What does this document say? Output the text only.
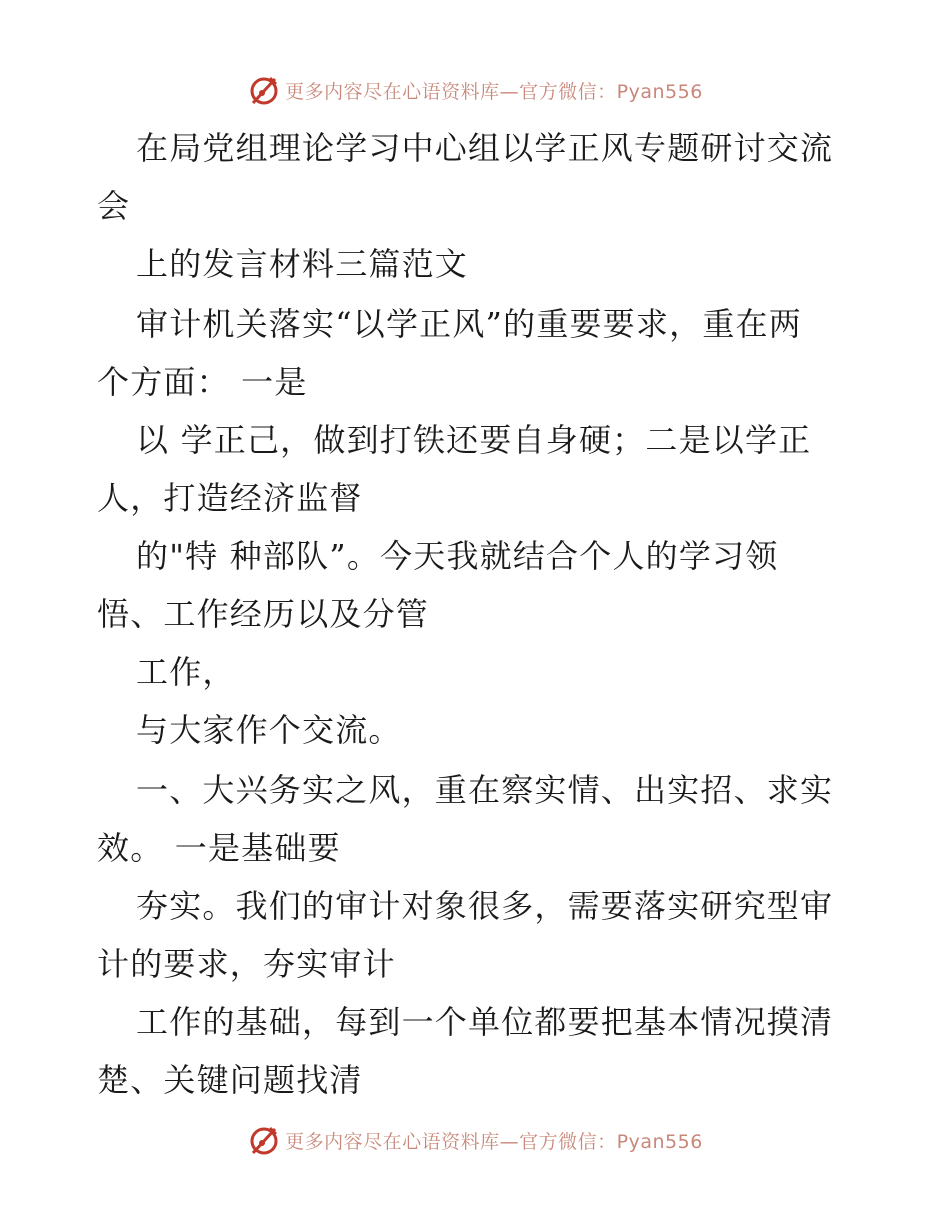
更多内容尽在心语资料库—官方微信：Pyan556
在局党组理论学习中心组以学正风专题研讨交流
会
上的发言材料三篇范文
审计机关落实“以学正风”的重要要求，重在两
个方面： 一是
以 学正己，做到打铁还要自身硬；二是以学正
人，打造经济监督
的"特 种部队”。今天我就结合个人的学习领
悟、工作经历以及分管
工作，
与大家作个交流。
一、大兴务实之风，重在察实情、出实招、求实
效。 一是基础要
夯实。我们的审计对象很多，需要落实研究型审
计的要求，夯实审计
工作的基础，每到一个单位都要把基本情况摸清
楚、关键问题找清
更多内容尽在心语资料库—官方微信：Pyan556
